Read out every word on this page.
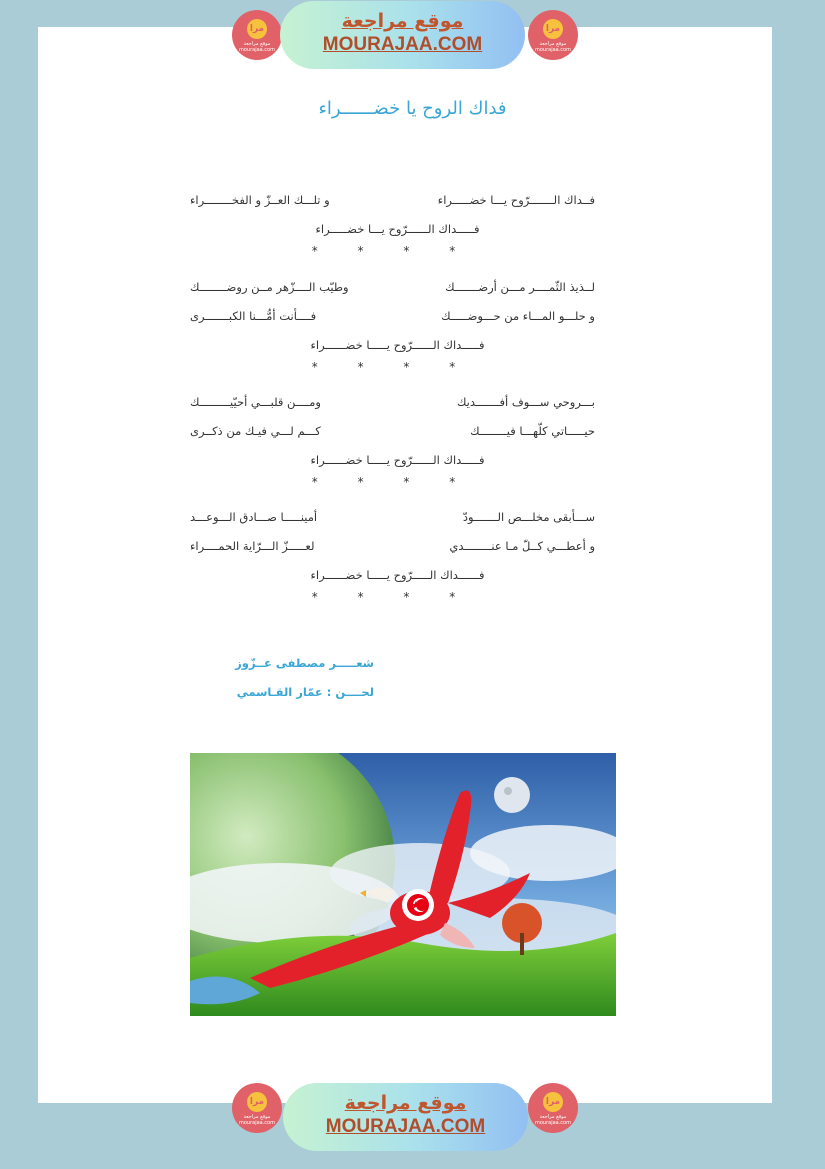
مرا
موقع مراجعة mourajaa.com
موقع مراجعة
MOURAJAA.COM
مرا
موقع مراجعة mourajaa.com
فداك الروح يا خضــــــراء
فــداك الـــــــرّوح يـــا خضـــــراء
و تلـــك العــزّ و الفخــــــــراء
فـــــداك الــــــرّوح يـــا خضـــــراء
* * * *
لــذيذ الثّمــــر مـــن أرضـــــــك
وطيّب الــــزّهر مــن روضــــــــك
و حلـــو المـــاء من حـــوضـــــك
فــــأنت أمُّـــنا الكبـــــــرى
فـــــداك الــــــرّوح يـــــا خضــــــراء
* * * *
بـــروحي ســـوف أفـــــــديك
ومــــن قلبـــي أحيّيـــــــــك
حيـــــاتي كلّهـــا فيــــــــك
كـــم لـــي فيـك من ذكــرى
فـــــداك الــــــرّوح يـــــا خضــــــراء
* * * *
ســـأبقى مخلـــص الـــــــودّ
أمينـــــا صـــادق الـــوعـــد
و أعطـــي كــلّ مـا عنــــــــدي
لعـــــزّ الـــرّاية الحمــــراء
فــــــداك الـــــرّوح يـــــا خضــــــراء
* * * *
شعـــــر مصطفى عــزّوز
لحــــن : عمّار القـاسمي
مرا
موقع مراجعة mourajaa.com
موقع مراجعة
MOURAJAA.COM
مرا
موقع مراجعة mourajaa.com
